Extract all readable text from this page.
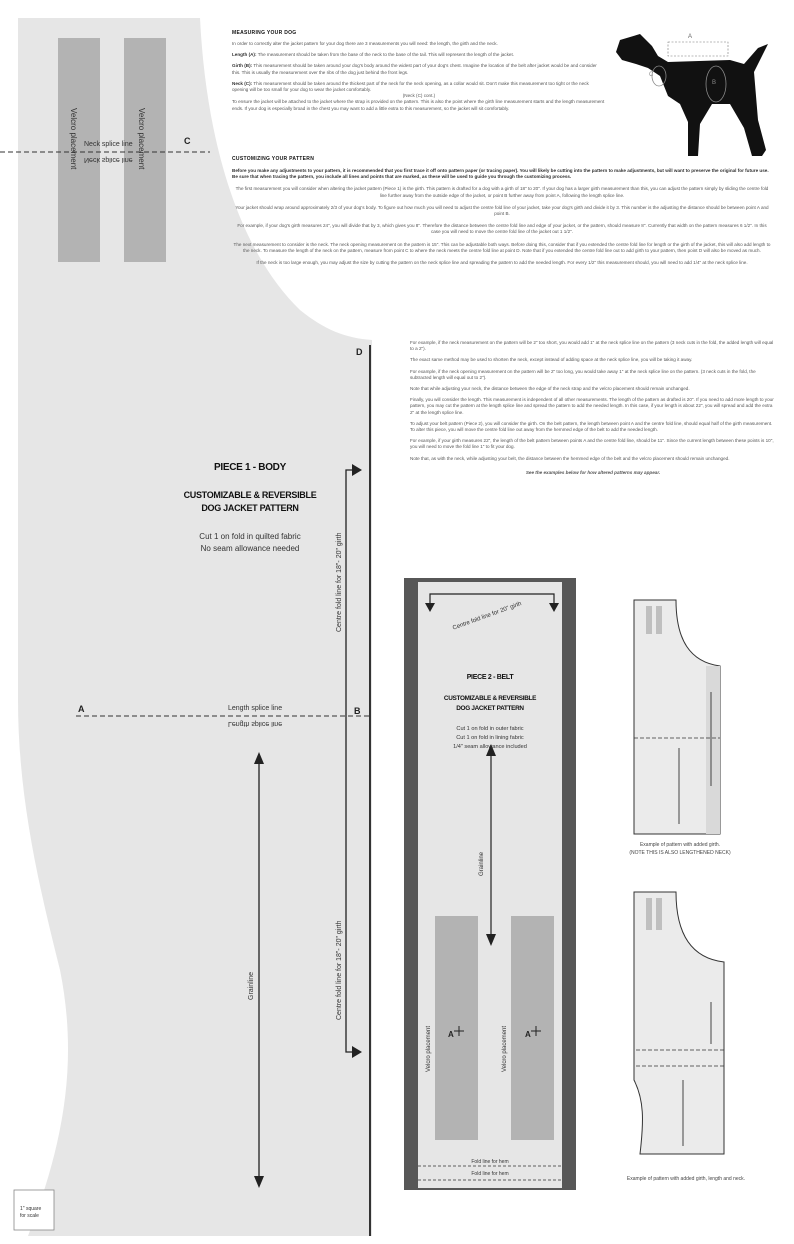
Velcro placement	Velcro placement
Neck splice line
Neck splice line
C
MEASURING YOUR DOG
In order to correctly alter the jacket pattern for your dog there are 3 measurements you will need: the length, the girth and the neck.
Length (A): The measurement should be taken from the base of the neck to the base of the tail. This will represent the length of the jacket.
Girth (B): This measurement should be taken around your dog's body around the widest part of your dog's chest. Imagine the location of the belt after jacket would be and consider this. This is usually the measurement over the ribs of the dog just behind the front legs.
Neck (C): This measurement should be taken around the thickest part of the neck for the neck opening, as a collar would sit. Don't make this measurement too tight or the neck opening will be too small for your dog to wear the jacket comfortably.
(Neck (C) cont.)
To ensure the jacket will be attached to the jacket where the strap is provided on the pattern. This is also the point where the girth line measurement starts and the length measurement ends. If your dog is especially broad in the chest you may want to add a little extra to this measurement, so the jacket will sit comfortably.
CUSTOMIZING YOUR PATTERN
Before you make any adjustments to your pattern, it is recommended that you first trace it off onto pattern paper (or tracing paper). You will likely be cutting into the pattern to make adjustments, but will want to preserve the original for future use. Be sure that when tracing the pattern, you include all lines and points that are marked, as these will be used to guide you through the customizing process.
The first measurement you will consider when altering the jacket pattern (Piece 1) is the girth. This pattern is drafted for a dog with a girth of 18" to 20". If your dog has a larger girth measurement than this, you can adjust the pattern simply by sliding the centre fold line further away from the outside edge of the jacket, or point B further away from point A, following the length splice line.
Your jacket should wrap around approximately 2/3 of your dog's body. To figure out how much you will need to adjust the centre fold line of your jacket, take your dog's girth and divide it by 3. This number is the adjusting the distance should be between point A and point B.
For example, if your dog's girth measures 24", you will divide that by 3, which gives you 8". Therefore the distance between the centre fold line and edge of your jacket, or the pattern, should measure 8". Currently that width on the pattern measures 6 1/2". In this case you will need to move the centre fold line of the jacket out 1 1/2".
The next measurement to consider is the neck. The neck opening measurement on the pattern is 15". This can be adjustable both ways. Before doing this, consider that if you extended the centre fold line for length or the girth of the jacket, this will also add length to the neck. To measure the length of the neck on the pattern, measure from point C to where the neck meets the centre fold line at point D. Note that if you extended the centre fold line out to add girth to your pattern, then point D will also be moved as much.
If the neck is too large enough, you may adjust the size by cutting the pattern on the neck splice line and spreading the pattern to add the needed length. For every 1/2" this measurement should, you will need to add 1/4" at the neck splice line.
For example, if the neck measurement on the pattern will be 2" too short, you would add 1" at the neck splice line on the pattern (3 neck cuts in the fold, the added length will equal to a 2").
The exact same method may be used to shorten the neck, except instead of adding space at the neck splice line, you will be taking it away.
For example, if the neck opening measurement on the pattern will be 2" too long, you would take away 1" at the neck splice line on the pattern. (3 neck cuts in the fold, the subtracted length will equal out to 2").
Note that while adjusting your neck, the distance between the edge of the neck strap and the velcro placement should remain unchanged.
Finally, you will consider the length. This measurement is independent of all other measurements. The length of the pattern as drafted is 20". If you need to add more length to your pattern, you may cut the pattern at the length splice line and spread the pattern to add the needed length. In this case, if your length is about 22", you will spread and add the extra 2" at the length splice line.
To adjust your belt pattern (Piece 2), you will consider the girth. On the belt pattern, the length between point A and the centre fold line, should equal half of the girth measurement. To alter this piece, you will move the centre fold line out away from the hemmed edge of the belt to add the needed length.
For example, if your girth measures 22", the length of the belt pattern between points A and the centre fold line, should be 11". Since the current length between these points is 10", you will need to move the fold line 1" to fit your dog.
Note that, as with the neck, while adjusting your belt, the distance between the hemmed edge of the belt and the velcro placement should remain unchanged.
See the examples below for how altered patterns may appear.
A
B
C
D
A	B
PIECE 1 - BODY
CUSTOMIZABLE & REVERSIBLE
DOG JACKET PATTERN
Cut 1 on fold in quilted fabric
No seam allowance needed
Length splice line
Length splice line
Centre fold line for 18"- 20" girth
Centre fold line for 18"- 20" girth
Grainline
Centre fold line for 20" girth
PIECE 2 - BELT
CUSTOMIZABLE & REVERSIBLE
DOG JACKET PATTERN
Cut 1 on fold in outer fabric
Cut 1 on fold in lining fabric
1/4" seam allowance included
Grainline
Velcro placement	Velcro placement
A	A
Fold line for hem
Fold line for hem
Example of pattern with added girth.
(NOTE THIS IS ALSO LENGTHENED NECK)
Example of pattern with added girth, length and neck.
1" square
for scale
